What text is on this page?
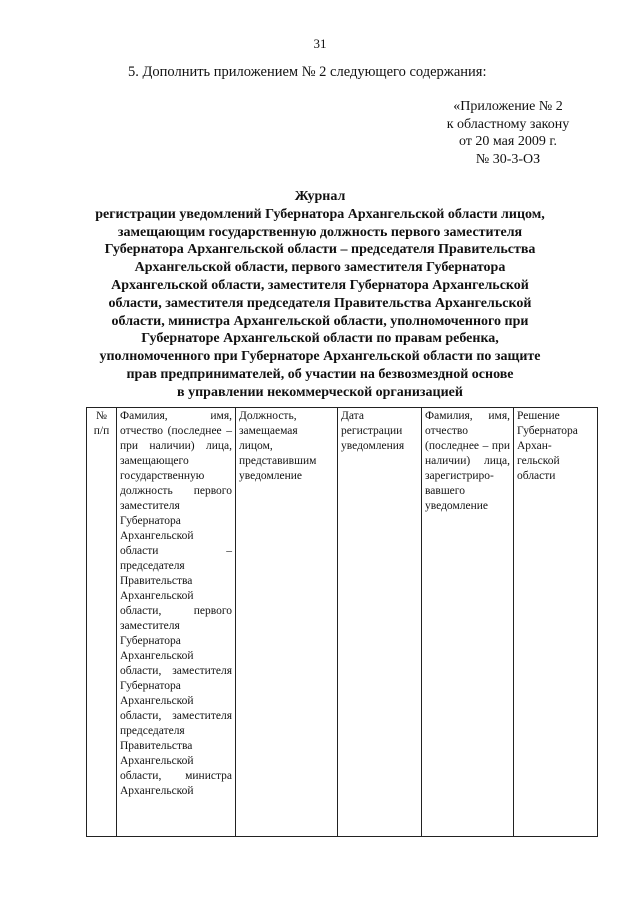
31
5. Дополнить приложением № 2 следующего содержания:
«Приложение № 2
к областному закону
от 20 мая 2009 г.
№ 30-3-ОЗ
Журнал
регистрации уведомлений Губернатора Архангельской области лицом,
замещающим государственную должность первого заместителя
Губернатора Архангельской области – председателя Правительства
Архангельской области, первого заместителя Губернатора
Архангельской области, заместителя Губернатора Архангельской
области, заместителя председателя Правительства Архангельской
области, министра Архангельской области, уполномоченного при
Губернаторе Архангельской области по правам ребенка,
уполномоченного при Губернаторе Архангельской области по защите
прав предпринимателей, об участии на безвозмездной основе
в управлении некоммерческой организацией
№ п/п	Фамилия, имя, отчество (последнее – при наличии) лица, замещающего государственную должность первого заместителя Губернатора Архангельской области – председателя Правительства Архангельской области, первого заместителя Губернатора Архангельской области, заместителя Губернатора Архангельской области, заместителя председателя Правительства Архангельской области, министра Архангельской	Должность, замещаемая лицом, представившим уведомление	Дата регистрации уведомления	Фамилия, имя, отчество (последнее – при наличии) лица, зарегистриро-вавшего уведомление	Решение Губернатора Архан-гельской области
